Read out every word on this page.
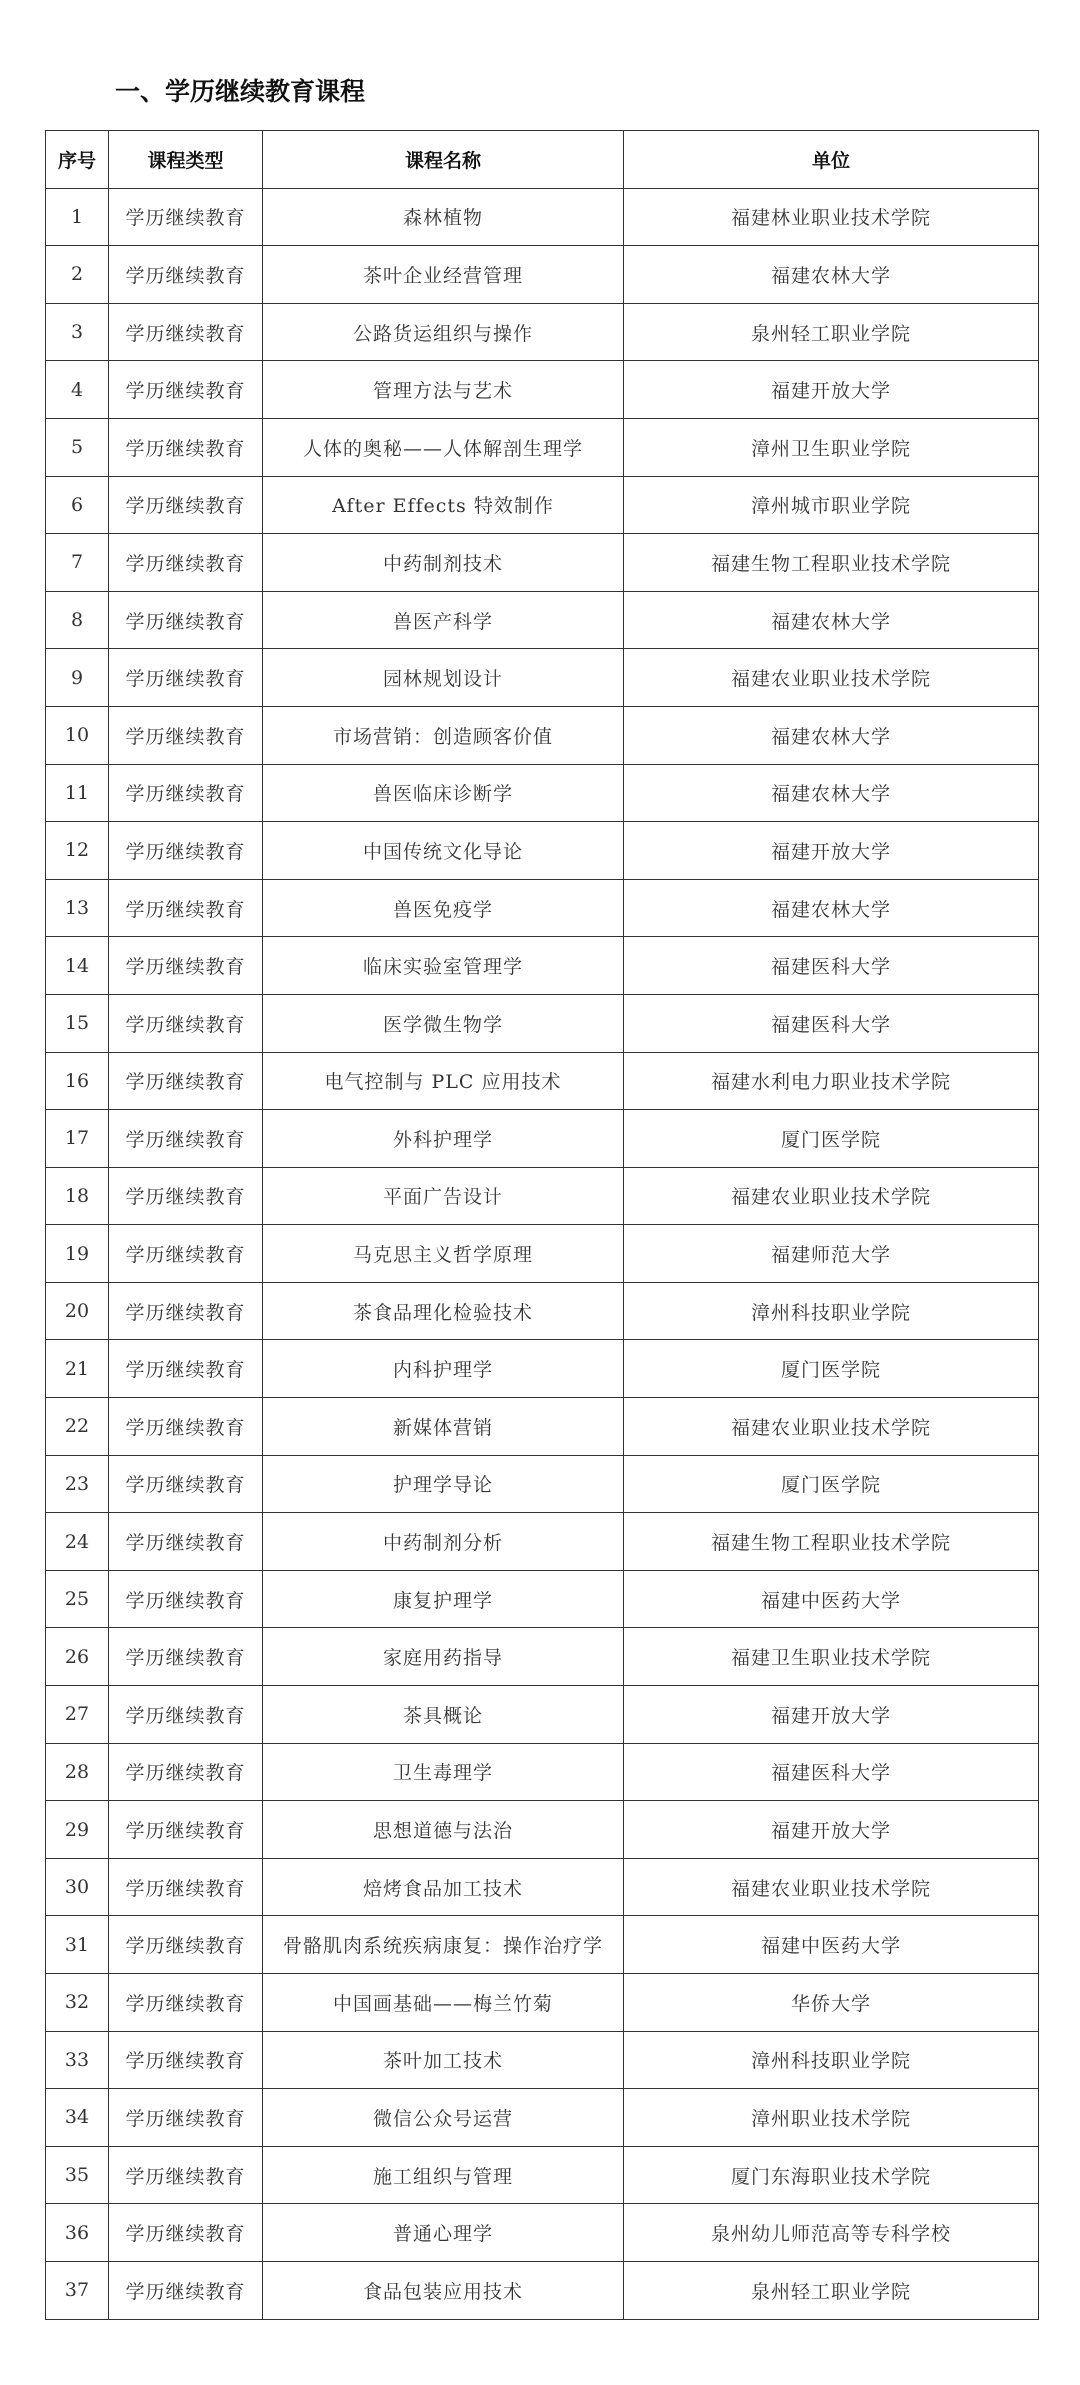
一、学历继续教育课程
序号	课程类型	课程名称	单位
1	学历继续教育	森林植物	福建林业职业技术学院
2	学历继续教育	茶叶企业经营管理	福建农林大学
3	学历继续教育	公路货运组织与操作	泉州轻工职业学院
4	学历继续教育	管理方法与艺术	福建开放大学
5	学历继续教育	人体的奥秘——人体解剖生理学	漳州卫生职业学院
6	学历继续教育	After Effects 特效制作	漳州城市职业学院
7	学历继续教育	中药制剂技术	福建生物工程职业技术学院
8	学历继续教育	兽医产科学	福建农林大学
9	学历继续教育	园林规划设计	福建农业职业技术学院
10	学历继续教育	市场营销：创造顾客价值	福建农林大学
11	学历继续教育	兽医临床诊断学	福建农林大学
12	学历继续教育	中国传统文化导论	福建开放大学
13	学历继续教育	兽医免疫学	福建农林大学
14	学历继续教育	临床实验室管理学	福建医科大学
15	学历继续教育	医学微生物学	福建医科大学
16	学历继续教育	电气控制与 PLC 应用技术	福建水利电力职业技术学院
17	学历继续教育	外科护理学	厦门医学院
18	学历继续教育	平面广告设计	福建农业职业技术学院
19	学历继续教育	马克思主义哲学原理	福建师范大学
20	学历继续教育	茶食品理化检验技术	漳州科技职业学院
21	学历继续教育	内科护理学	厦门医学院
22	学历继续教育	新媒体营销	福建农业职业技术学院
23	学历继续教育	护理学导论	厦门医学院
24	学历继续教育	中药制剂分析	福建生物工程职业技术学院
25	学历继续教育	康复护理学	福建中医药大学
26	学历继续教育	家庭用药指导	福建卫生职业技术学院
27	学历继续教育	茶具概论	福建开放大学
28	学历继续教育	卫生毒理学	福建医科大学
29	学历继续教育	思想道德与法治	福建开放大学
30	学历继续教育	焙烤食品加工技术	福建农业职业技术学院
31	学历继续教育	骨骼肌肉系统疾病康复：操作治疗学	福建中医药大学
32	学历继续教育	中国画基础——梅兰竹菊	华侨大学
33	学历继续教育	茶叶加工技术	漳州科技职业学院
34	学历继续教育	微信公众号运营	漳州职业技术学院
35	学历继续教育	施工组织与管理	厦门东海职业技术学院
36	学历继续教育	普通心理学	泉州幼儿师范高等专科学校
37	学历继续教育	食品包装应用技术	泉州轻工职业学院
